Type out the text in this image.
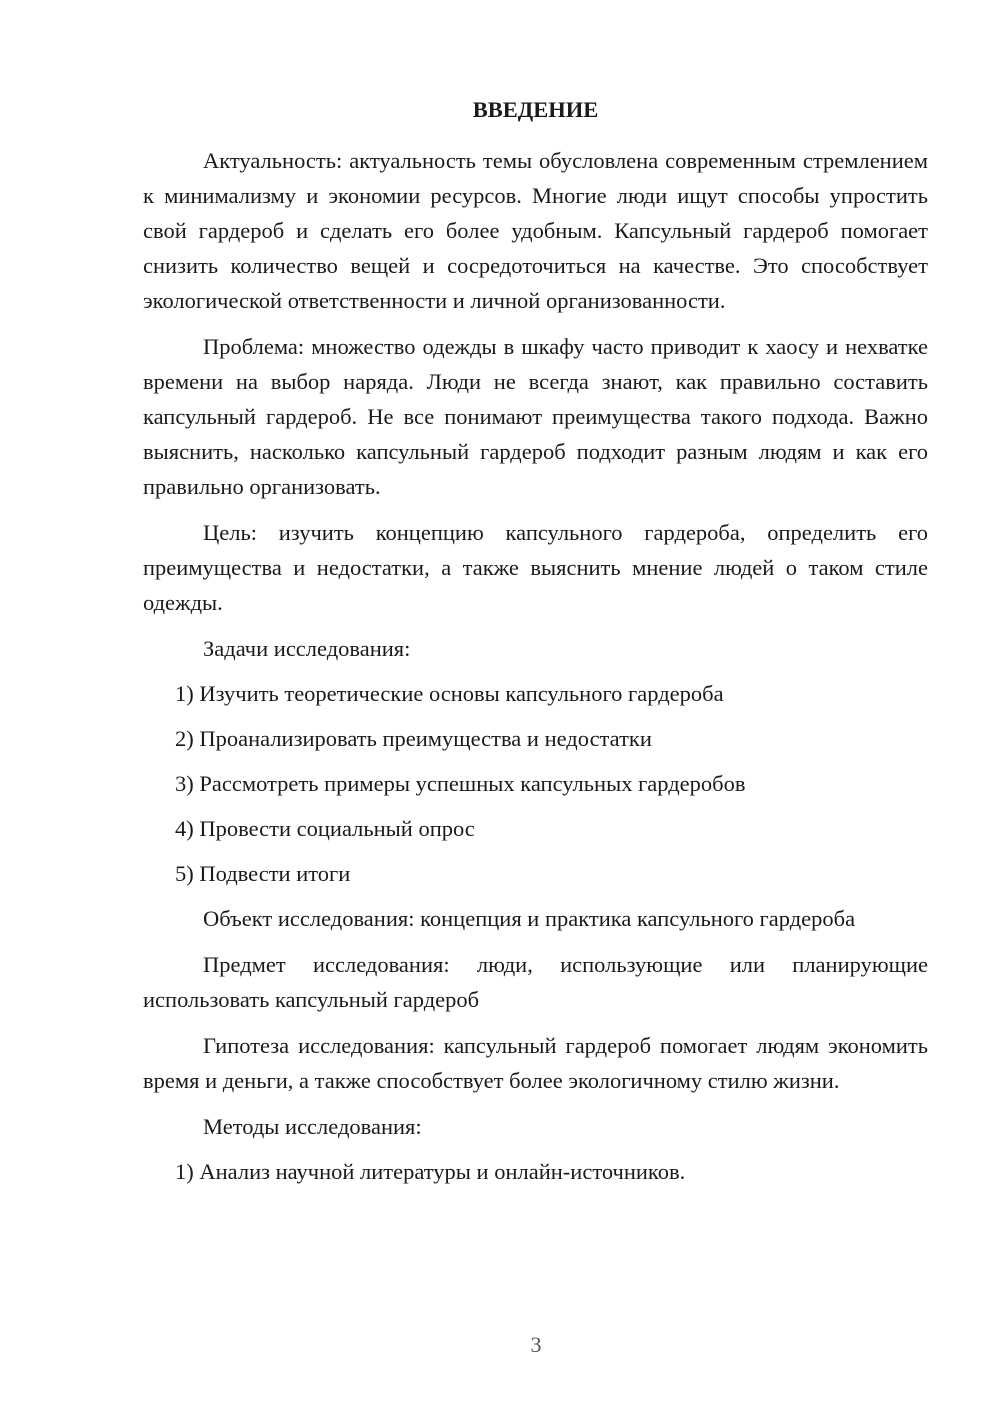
ВВЕДЕНИЕ

Актуальность: актуальность темы обусловлена современным стремлением к минимализму и экономии ресурсов. Многие люди ищут способы упростить свой гардероб и сделать его более удобным. Капсульный гардероб помогает снизить количество вещей и сосредоточиться на качестве. Это способствует экологической ответственности и личной организованности.

Проблема: множество одежды в шкафу часто приводит к хаосу и нехватке времени на выбор наряда. Люди не всегда знают, как правильно составить капсульный гардероб. Не все понимают преимущества такого подхода. Важно выяснить, насколько капсульный гардероб подходит разным людям и как его правильно организовать.

Цель: изучить концепцию капсульного гардероба, определить его преимущества и недостатки, а также выяснить мнение людей о таком стиле одежды.

Задачи исследования:

1) Изучить теоретические основы капсульного гардероба

2) Проанализировать преимущества и недостатки

3) Рассмотреть примеры успешных капсульных гардеробов

4) Провести социальный опрос

5) Подвести итоги

Объект исследования: концепция и практика капсульного гардероба

Предмет исследования: люди, использующие или планирующие использовать капсульный гардероб

Гипотеза исследования: капсульный гардероб помогает людям экономить время и деньги, а также способствует более экологичному стилю жизни.

Методы исследования:

1) Анализ научной литературы и онлайн-источников.

3
